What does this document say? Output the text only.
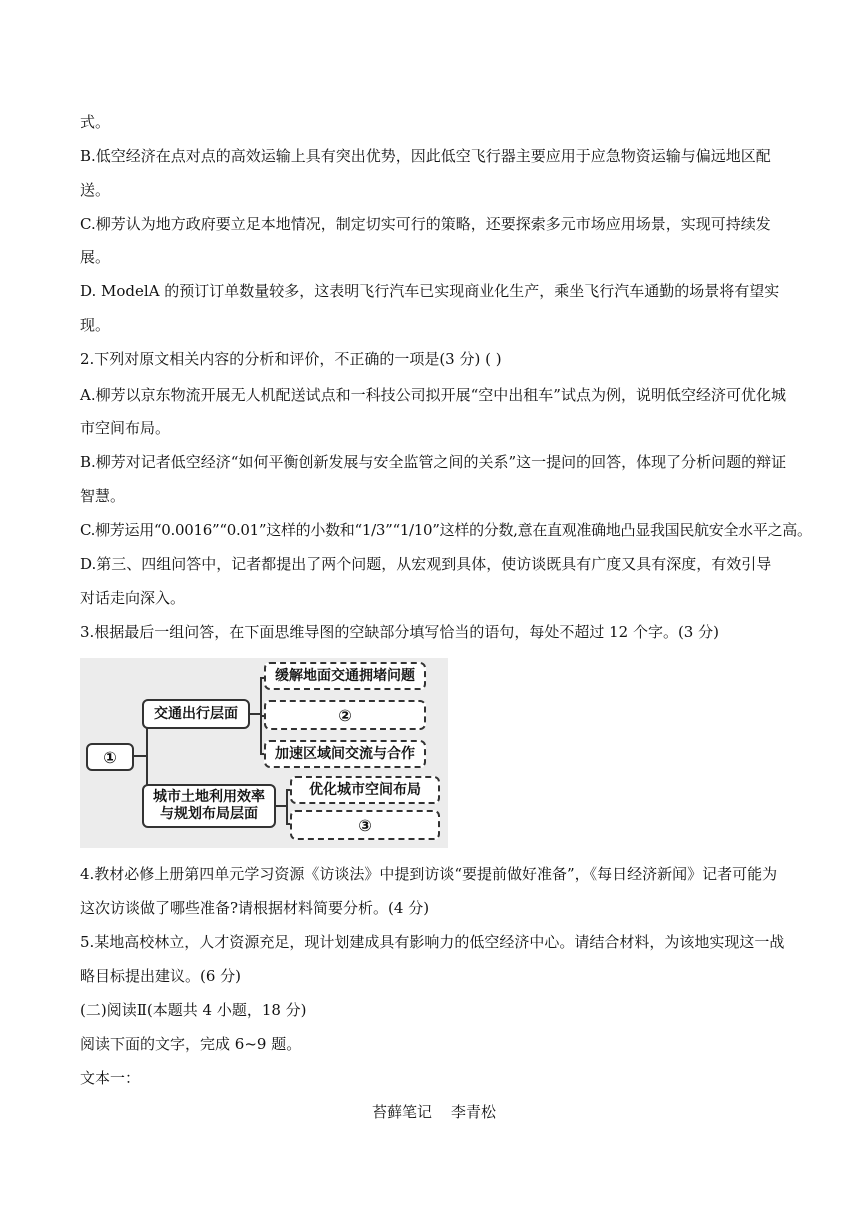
式。
B.低空经济在点对点的高效运输上具有突出优势，因此低空飞行器主要应用于应急物资运输与偏远地区配
送。
C.柳芳认为地方政府要立足本地情况，制定切实可行的策略，还要探索多元市场应用场景，实现可持续发
展。
D. ModelA 的预订订单数量较多，这表明飞行汽车已实现商业化生产，乘坐飞行汽车通勤的场景将有望实
现。
2.下列对原文相关内容的分析和评价，不正确的一项是(3 分) ( )
A.柳芳以京东物流开展无人机配送试点和一科技公司拟开展“空中出租车”试点为例，说明低空经济可优化城
市空间布局。
B.柳芳对记者低空经济“如何平衡创新发展与安全监管之间的关系”这一提问的回答，体现了分析问题的辩证
智慧。
C.柳芳运用“0.0016”“0.01”这样的小数和“1/3”“1/10”这样的分数,意在直观准确地凸显我国民航安全水平之高。
D.第三、四组问答中，记者都提出了两个问题，从宏观到具体，使访谈既具有广度又具有深度，有效引导
对话走向深入。
3.根据最后一组问答，在下面思维导图的空缺部分填写恰当的语句，每处不超过 12 个字。(3 分)
①
交通出行层面
缓解地面交通拥堵问题
②
加速区域间交流与合作
城市土地利用效率
与规划布局层面
优化城市空间布局
③
4.教材必修上册第四单元学习资源《访谈法》中提到访谈“要提前做好准备”，《每日经济新闻》记者可能为
这次访谈做了哪些准备?请根据材料简要分析。(4 分)
5.某地高校林立，人才资源充足，现计划建成具有影响力的低空经济中心。请结合材料，为该地实现这一战
略目标提出建议。(6 分)
(二)阅读Ⅱ(本题共 4 小题，18 分)
阅读下面的文字，完成 6~9 题。
文本一：
苔藓笔记    李青松
